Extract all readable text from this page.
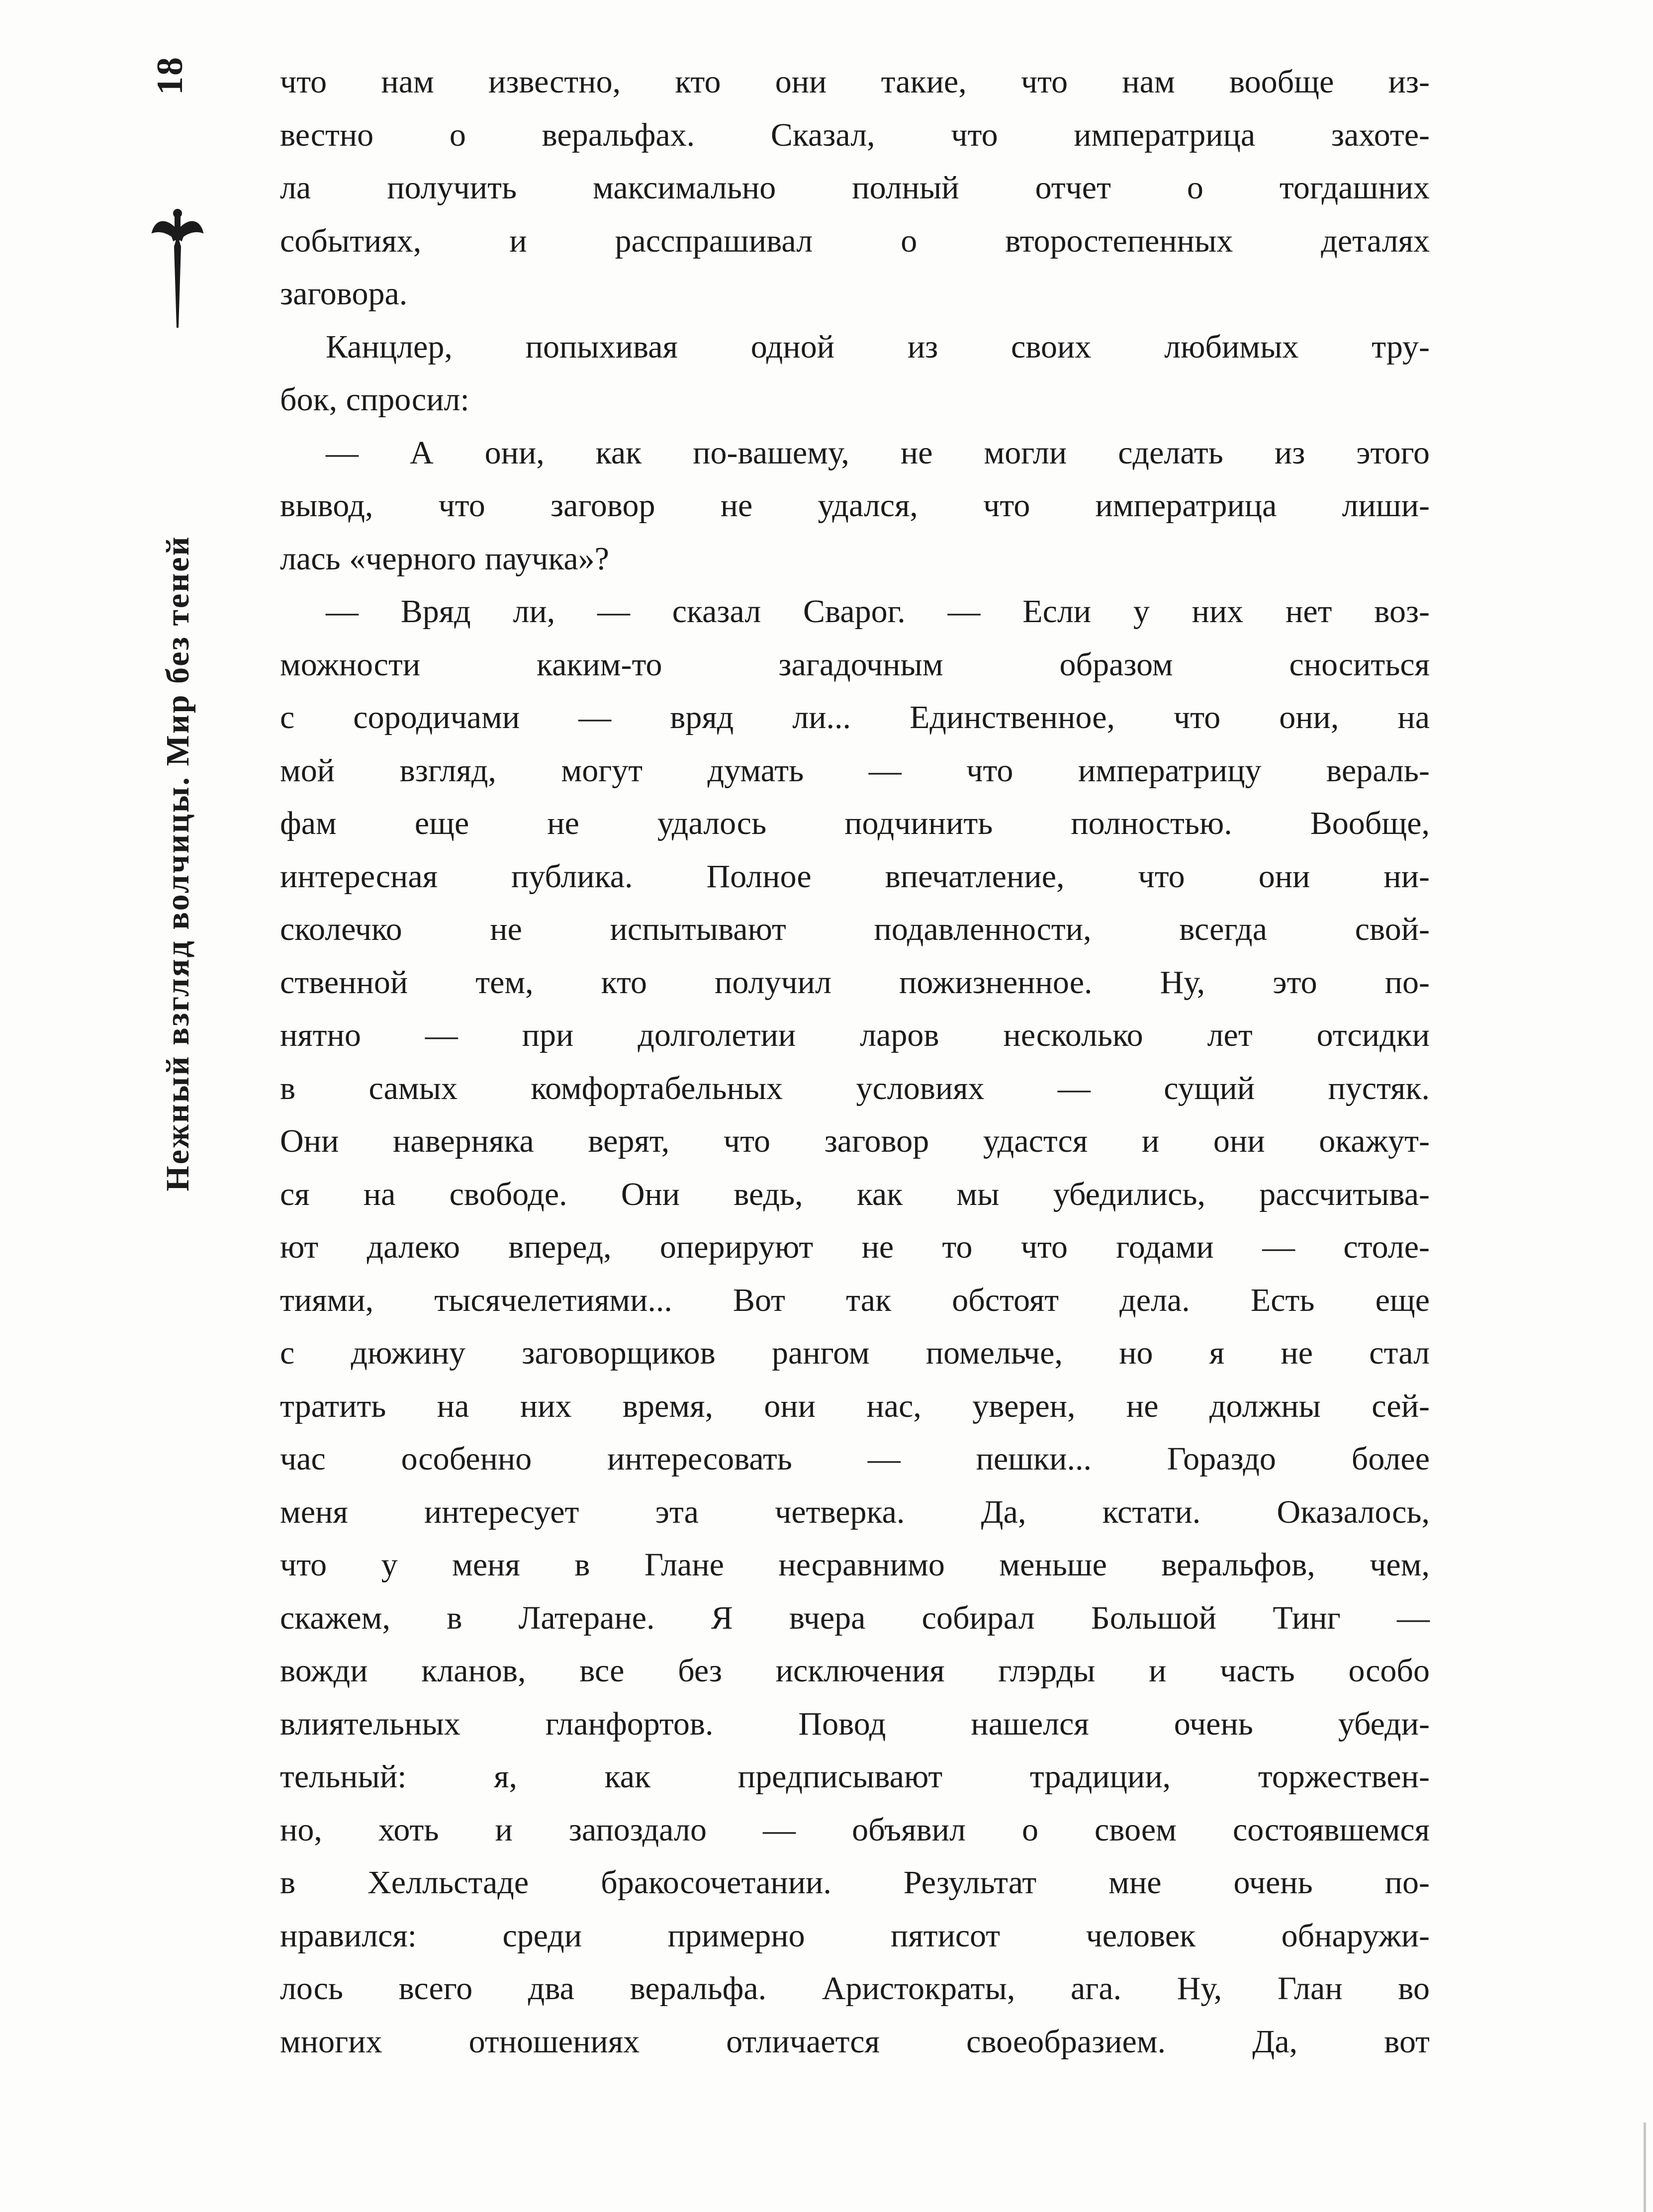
18
Нежный взгляд волчицы. Мир без теней
что нам известно, кто они такие, что нам вообще из-
вестно о веральфах. Сказал, что императрица захоте-
ла получить максимально полный отчет о тогдашних
событиях, и расспрашивал о второстепенных деталях
заговора.
Канцлер, попыхивая одной из своих любимых тру-
бок, спросил:
— А они, как по-вашему, не могли сделать из этого
вывод, что заговор не удался, что императрица лиши-
лась «черного паучка»?
— Вряд ли, — сказал Сварог. — Если у них нет воз-
можности каким-то загадочным образом сноситься
с сородичами — вряд ли... Единственное, что они, на
мой взгляд, могут думать — что императрицу вераль-
фам еще не удалось подчинить полностью. Вообще,
интересная публика. Полное впечатление, что они ни-
сколечко не испытывают подавленности, всегда свой-
ственной тем, кто получил пожизненное. Ну, это по-
нятно — при долголетии ларов несколько лет отсидки
в самых комфортабельных условиях — сущий пустяк.
Они наверняка верят, что заговор удастся и они окажут-
ся на свободе. Они ведь, как мы убедились, рассчитыва-
ют далеко вперед, оперируют не то что годами — столе-
тиями, тысячелетиями... Вот так обстоят дела. Есть еще
с дюжину заговорщиков рангом помельче, но я не стал
тратить на них время, они нас, уверен, не должны сей-
час особенно интересовать — пешки... Гораздо более
меня интересует эта четверка. Да, кстати. Оказалось,
что у меня в Глане несравнимо меньше веральфов, чем,
скажем, в Латеране. Я вчера собирал Большой Тинг —
вожди кланов, все без исключения глэрды и часть особо
влиятельных гланфортов. Повод нашелся очень убеди-
тельный: я, как предписывают традиции, торжествен-
но, хоть и запоздало — объявил о своем состоявшемся
в Хелльстаде бракосочетании. Результат мне очень по-
нравился: среди примерно пятисот человек обнаружи-
лось всего два веральфа. Аристократы, ага. Ну, Глан во
многих отношениях отличается своеобразием. Да, вот
